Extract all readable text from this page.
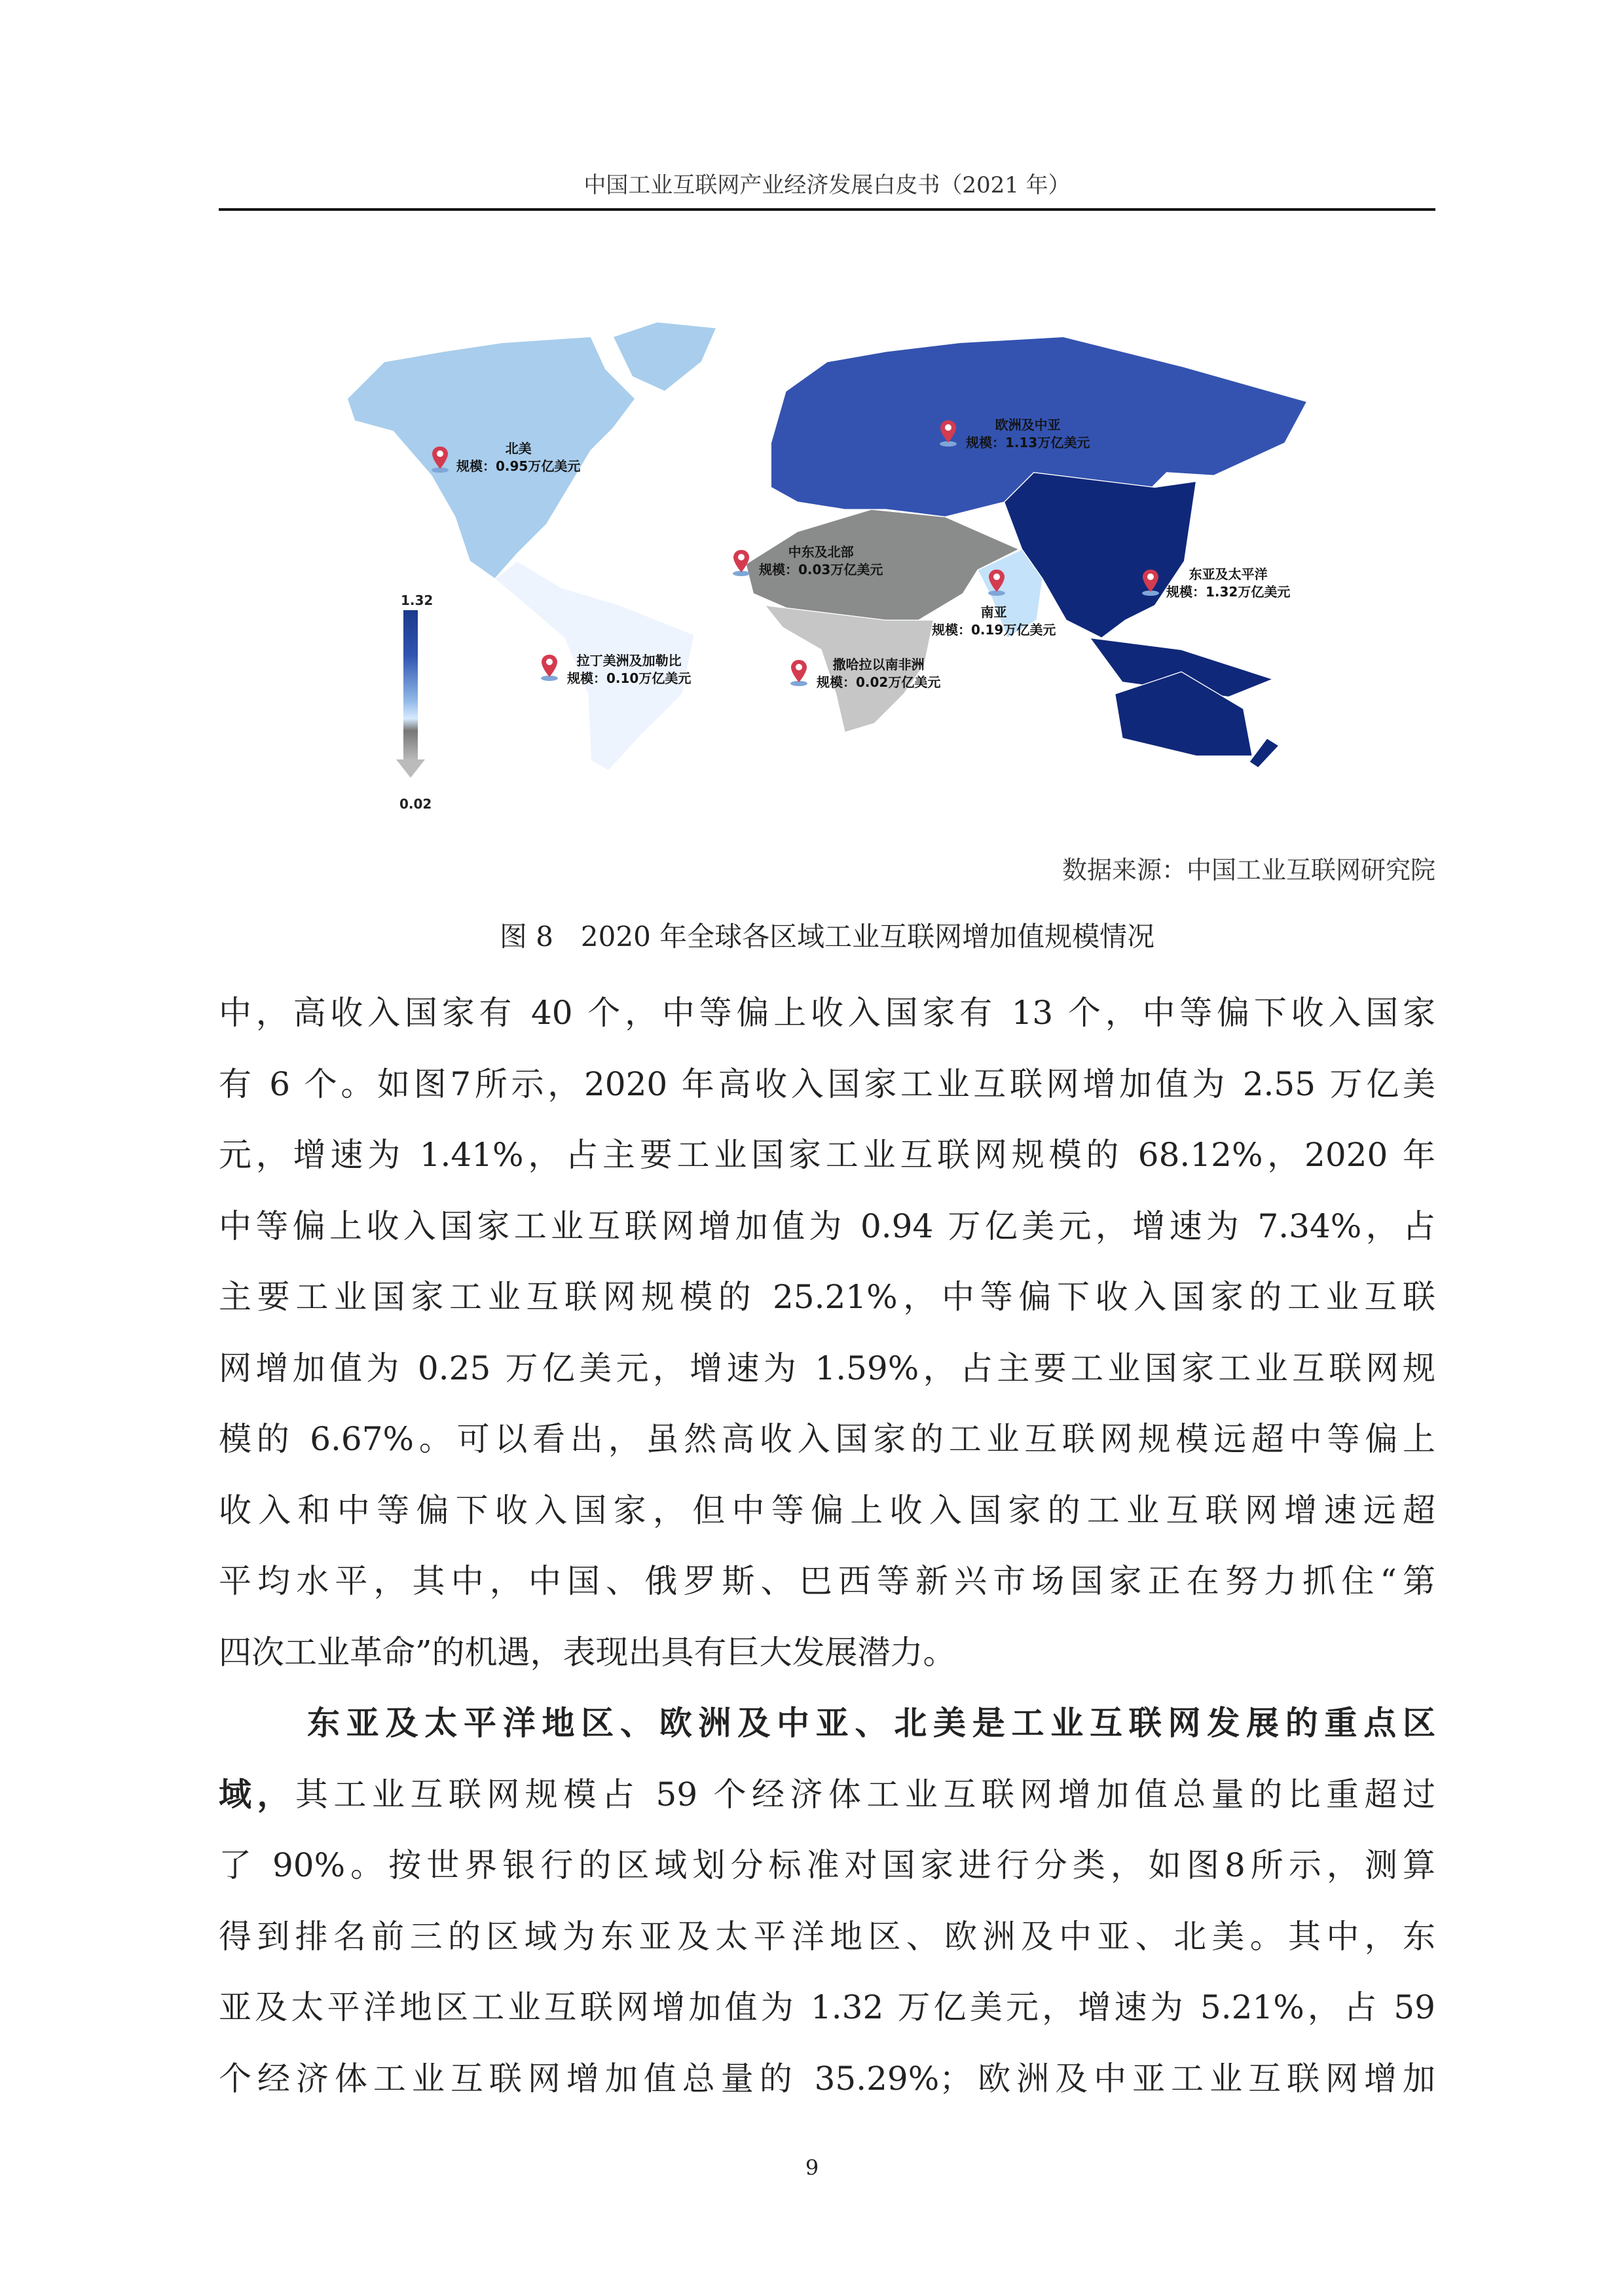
中国工业互联网产业经济发展白皮书（2021 年）
1.32
0.02
北美
规模：0.95万亿美元
欧洲及中亚
规模：1.13万亿美元
中东及北部
规模：0.03万亿美元	东亚及太平洋
规模：1.32万亿美元
南亚
规模：0.19万亿美元
拉丁美洲及加勒比
规模：0.10万亿美元
撒哈拉以南非洲
规模：0.02万亿美元
数据来源：中国工业互联网研究院
图 8　2020 年全球各区域工业互联网增加值规模情况
中，高收入国家有 40 个，中等偏上收入国家有 13 个，中等偏下收入国家
有 6 个。如图7所示，2020 年高收入国家工业互联网增加值为 2.55 万亿美
元，增速为 1.41%，占主要工业国家工业互联网规模的 68.12%，2020 年
中等偏上收入国家工业互联网增加值为 0.94 万亿美元，增速为 7.34%，占
主要工业国家工业互联网规模的 25.21%，中等偏下收入国家的工业互联
网增加值为 0.25 万亿美元，增速为 1.59%，占主要工业国家工业互联网规
模的 6.67%。可以看出，虽然高收入国家的工业互联网规模远超中等偏上
收入和中等偏下收入国家，但中等偏上收入国家的工业互联网增速远超
平均水平，其中，中国、俄罗斯、巴西等新兴市场国家正在努力抓住“第
四次工业革命”的机遇，表现出具有巨大发展潜力。
东亚及太平洋地区、欧洲及中亚、北美是工业互联网发展的重点区
域，其工业互联网规模占 59 个经济体工业互联网增加值总量的比重超过
了 90%。按世界银行的区域划分标准对国家进行分类，如图8所示，测算
得到排名前三的区域为东亚及太平洋地区、欧洲及中亚、北美。其中，东
亚及太平洋地区工业互联网增加值为 1.32 万亿美元，增速为 5.21%，占 59
个经济体工业互联网增加值总量的 35.29%；欧洲及中亚工业互联网增加
9
